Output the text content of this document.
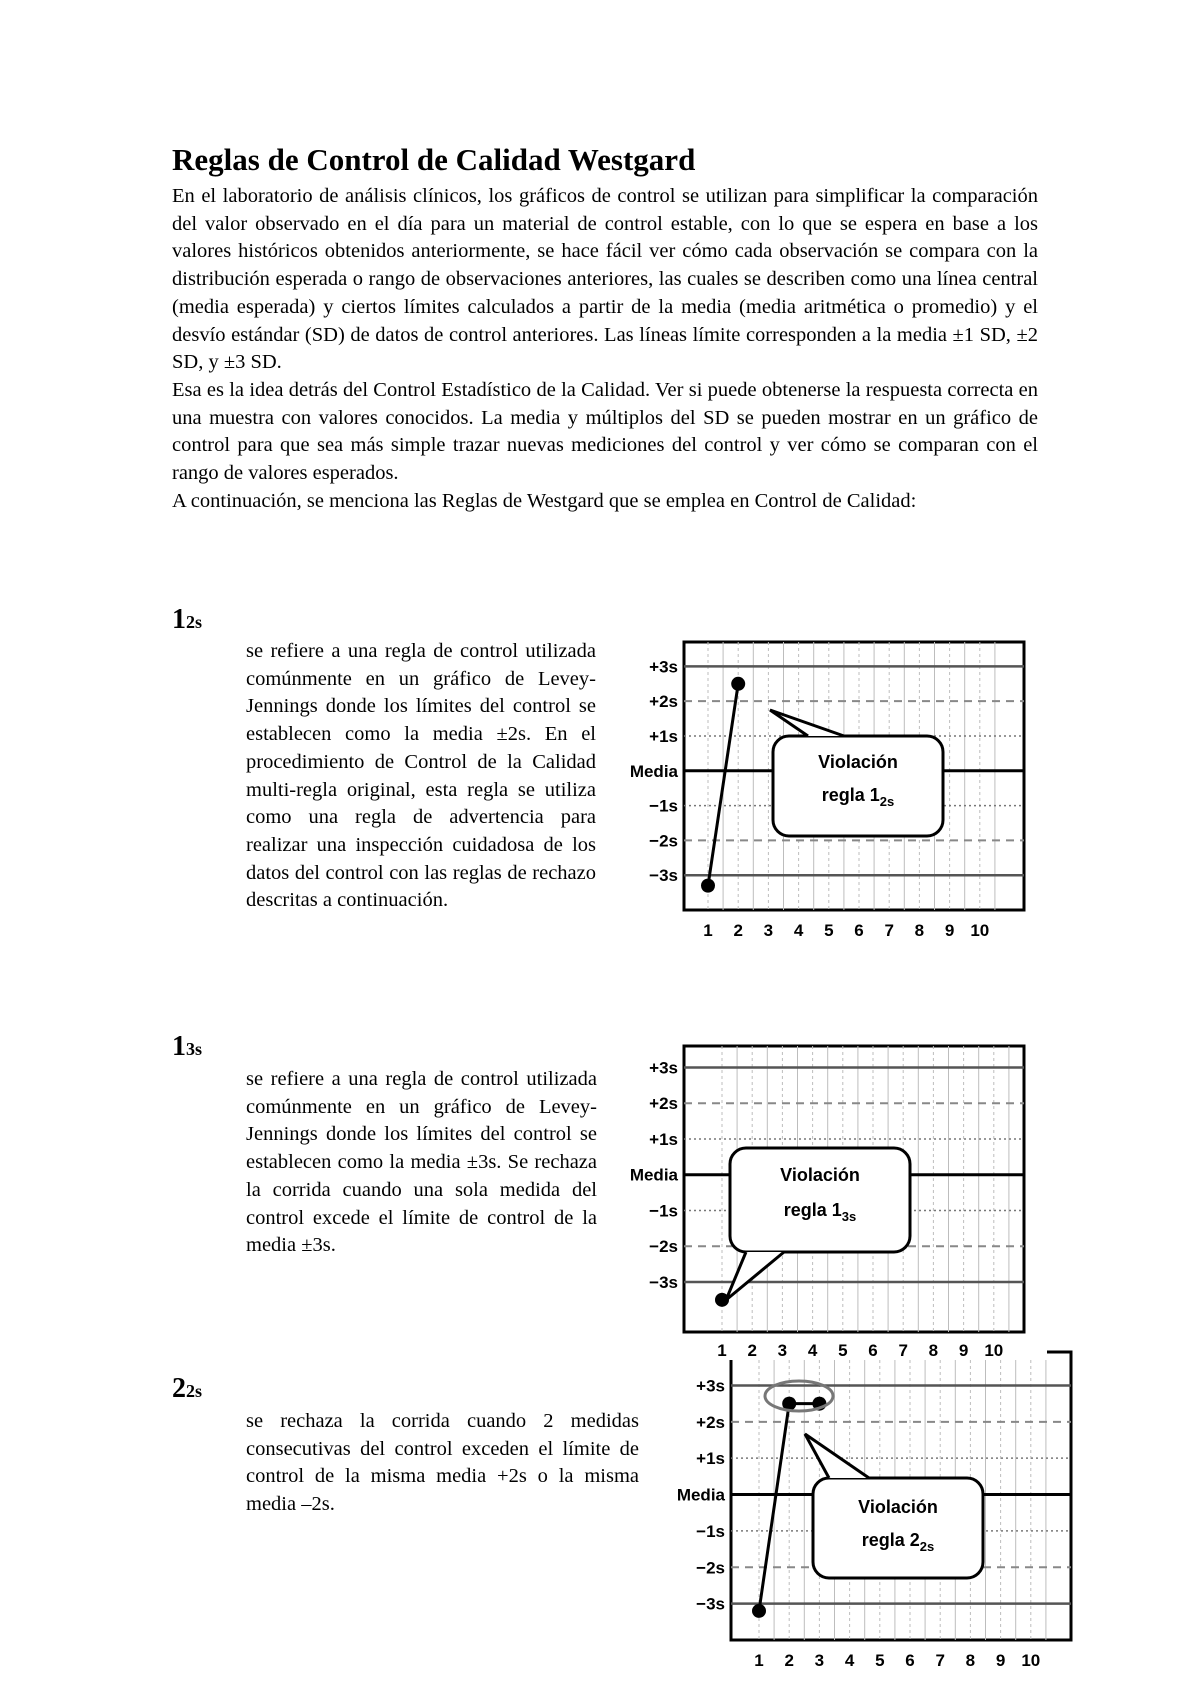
Reglas de Control de Calidad Westgard

En el laboratorio de análisis clínicos, los gráficos de control se utilizan para simplificar la comparación del valor observado en el día para un material de control estable, con lo que se espera en base a los valores históricos obtenidos anteriormente, se hace fácil ver cómo cada observación se compara con la distribución esperada o rango de observaciones anteriores, las cuales se describen como una línea central (media esperada) y ciertos límites calculados a partir de la media (media aritmética o promedio) y el desvío estándar (SD) de datos de control anteriores. Las líneas límite corresponden a la media ±1 SD, ±2 SD, y ±3 SD.

Esa es la idea detrás del Control Estadístico de la Calidad. Ver si puede obtenerse la respuesta correcta en una muestra con valores conocidos. La media y múltiplos del SD se pueden mostrar en un gráfico de control para que sea más simple trazar nuevas mediciones del control y ver cómo se comparan con el rango de valores esperados.

A continuación, se menciona las Reglas de Westgard que se emplea en Control de Calidad:

12s

se refiere a una regla de control utilizada comúnmente en un gráfico de Levey-Jennings donde los límites del control se establecen como la media ±2s. En el procedimiento de Control de la Calidad multi-regla original, esta regla se utiliza como una regla de advertencia para realizar una inspección cuidadosa de los datos del control con las reglas de rechazo descritas a continuación.

+3s
+2s
+1s
Media
−1s
−2s
−3s
1 2 3 4 5 6 7 8 9 10
Violación
regla $1_{2s}$
13s

se refiere a una regla de control utilizada comúnmente en un gráfico de Levey-Jennings donde los límites del control se establecen como la media ±3s. Se rechaza la corrida cuando una sola medida del control excede el límite de control de la media ±3s.

+3s
+2s
+1s
Media
−1s
−2s
−3s
1 2 3 4 5 6 7 8 9 10
Violación
regla $1_{3s}$
22s

se rechaza la corrida cuando 2 medidas consecutivas del control exceden el límite de control de la misma media +2s o la misma media –2s.

+3s
+2s
+1s
Media
−1s
−2s
−3s
1 2 3 4 5 6 7 8 9 10
Violación
regla $2_{2s}$
